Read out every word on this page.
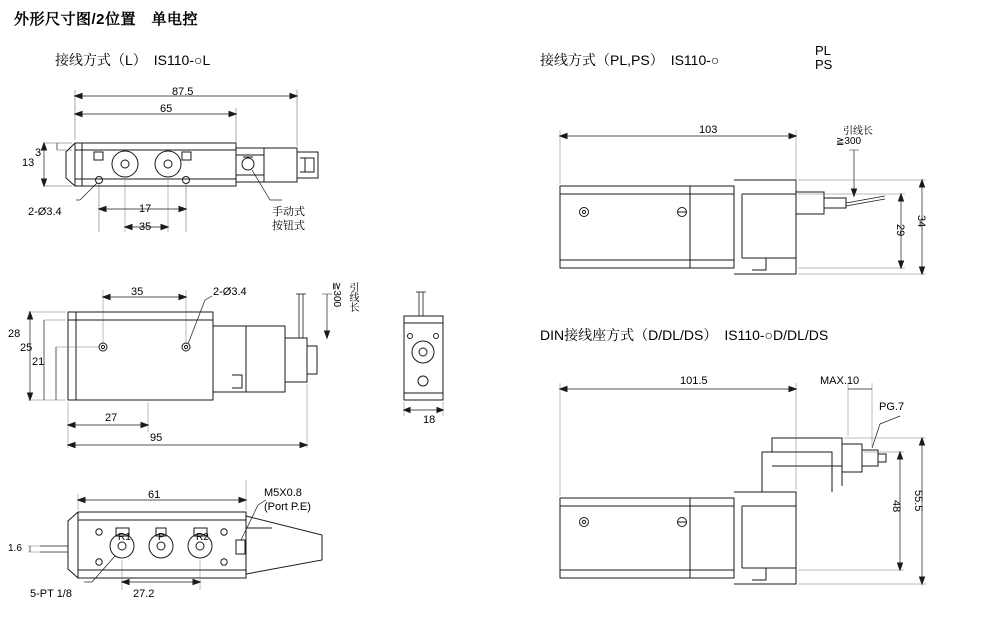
外形尺寸图/2位置　单电控
接线方式（L）　IS110-○L	接线方式（PL,PS）　IS110-○
PL
PS
DIN接线座方式（D/DL/DS）　IS110-○D/DL/DS
87.5
65
13
3
17
35
2-Ø3.4	手动式
按钮式
35	2-Ø3.4
28
25
21
27
95
≧300 引线长
18
61	M5X0.8
(Port P.E)
1.6
5-PT 1/8	27.2
R1	P	R2
103
≧300
引线长
34
29
101.5	MAX.10
PG.7
55.5
48
